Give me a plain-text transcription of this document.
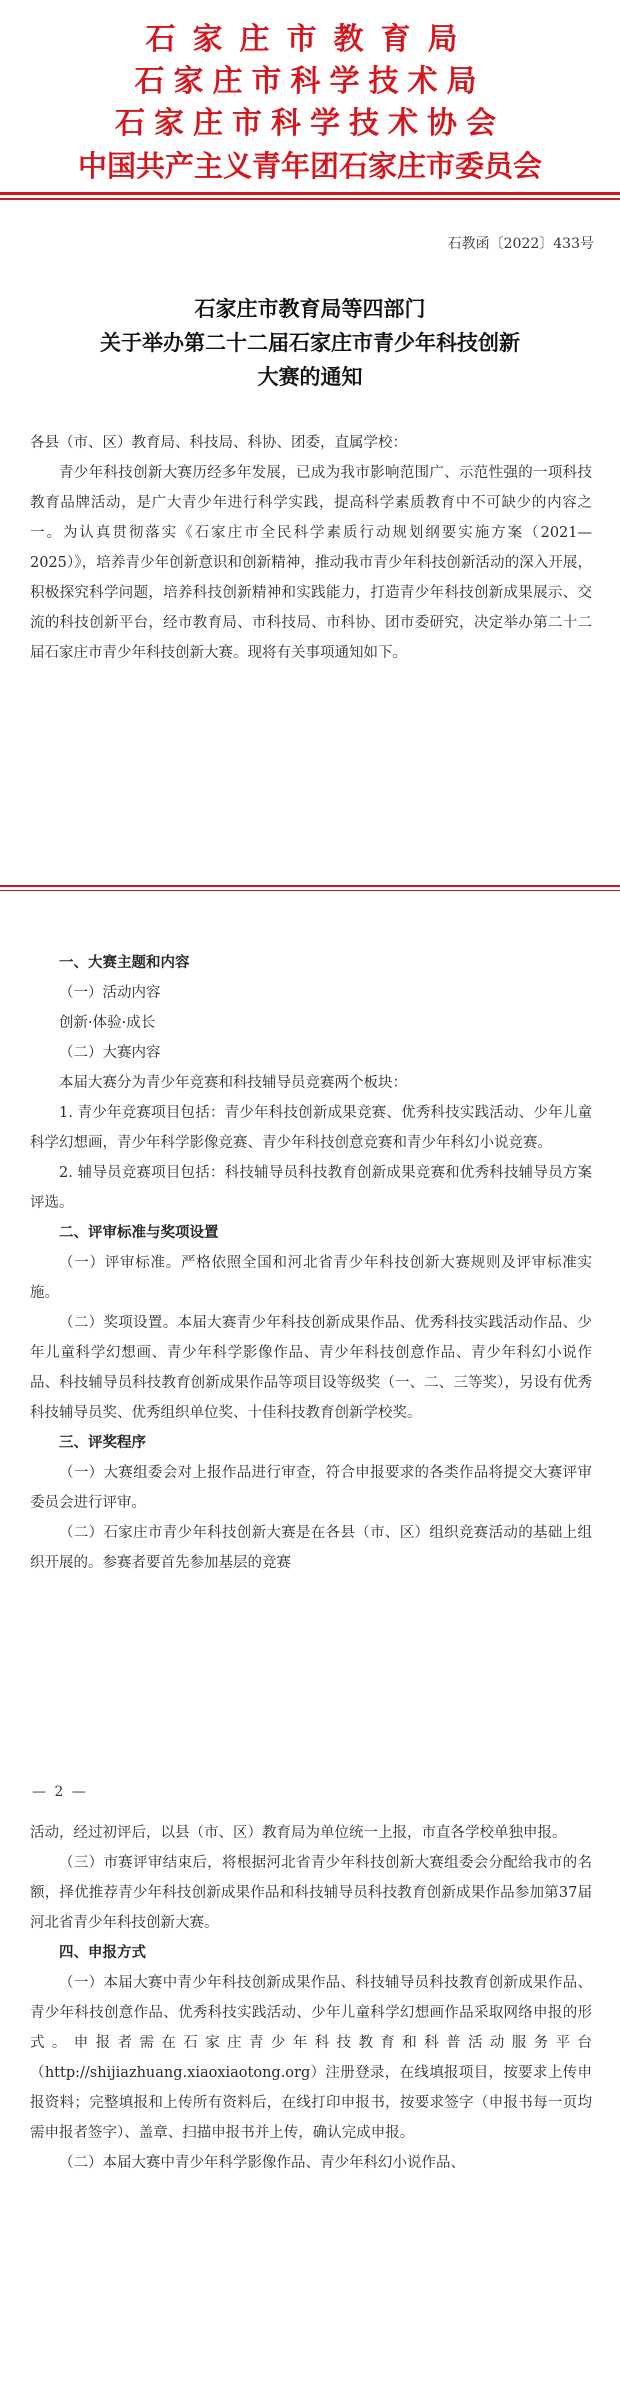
石家庄市教育局
石家庄市科学技术局
石家庄市科学技术协会
中国共产主义青年团石家庄市委员会
石教函〔2022〕433号
石家庄市教育局等四部门
关于举办第二十二届石家庄市青少年科技创新
大赛的通知
各县（市、区）教育局、科技局、科协、团委，直属学校：
青少年科技创新大赛历经多年发展，已成为我市影响范围广、示范性强的一项科技教育品牌活动，是广大青少年进行科学实践，提高科学素质教育中不可缺少的内容之一。为认真贯彻落实《石家庄市全民科学素质行动规划纲要实施方案（2021—2025）》，培养青少年创新意识和创新精神，推动我市青少年科技创新活动的深入开展，积极探究科学问题，培养科技创新精神和实践能力，打造青少年科技创新成果展示、交流的科技创新平台，经市教育局、市科技局、市科协、团市委研究，决定举办第二十二届石家庄市青少年科技创新大赛。现将有关事项通知如下。
一、大赛主题和内容
（一）活动内容
创新·体验·成长
（二）大赛内容
本届大赛分为青少年竞赛和科技辅导员竞赛两个板块：
1. 青少年竞赛项目包括：青少年科技创新成果竞赛、优秀科技实践活动、少年儿童科学幻想画，青少年科学影像竞赛、青少年科技创意竞赛和青少年科幻小说竞赛。
2. 辅导员竞赛项目包括：科技辅导员科技教育创新成果竞赛和优秀科技辅导员方案评选。
二、评审标准与奖项设置
（一）评审标准。严格依照全国和河北省青少年科技创新大赛规则及评审标准实施。
（二）奖项设置。本届大赛青少年科技创新成果作品、优秀科技实践活动作品、少年儿童科学幻想画、青少年科学影像作品、青少年科技创意作品、青少年科幻小说作品、科技辅导员科技教育创新成果作品等项目设等级奖（一、二、三等奖），另设有优秀科技辅导员奖、优秀组织单位奖、十佳科技教育创新学校奖。
三、评奖程序
（一）大赛组委会对上报作品进行审查，符合申报要求的各类作品将提交大赛评审委员会进行评审。
（二）石家庄市青少年科技创新大赛是在各县（市、区）组织竞赛活动的基础上组织开展的。参赛者要首先参加基层的竞赛
— 2 —
活动，经过初评后，以县（市、区）教育局为单位统一上报，市直各学校单独申报。
（三）市赛评审结束后，将根据河北省青少年科技创新大赛组委会分配给我市的名额，择优推荐青少年科技创新成果作品和科技辅导员科技教育创新成果作品参加第37届河北省青少年科技创新大赛。
四、申报方式
（一）本届大赛中青少年科技创新成果作品、科技辅导员科技教育创新成果作品、青少年科技创意作品、优秀科技实践活动、少年儿童科学幻想画作品采取网络申报的形式。申报者需在石家庄青少年科技教育和科普活动服务平台（http://shijiazhuang.xiaoxiaotong.org）注册登录，在线填报项目，按要求上传申报资料；完整填报和上传所有资料后，在线打印申报书，按要求签字（申报书每一页均需申报者签字）、盖章、扫描申报书并上传，确认完成申报。
（二）本届大赛中青少年科学影像作品、青少年科幻小说作品、
